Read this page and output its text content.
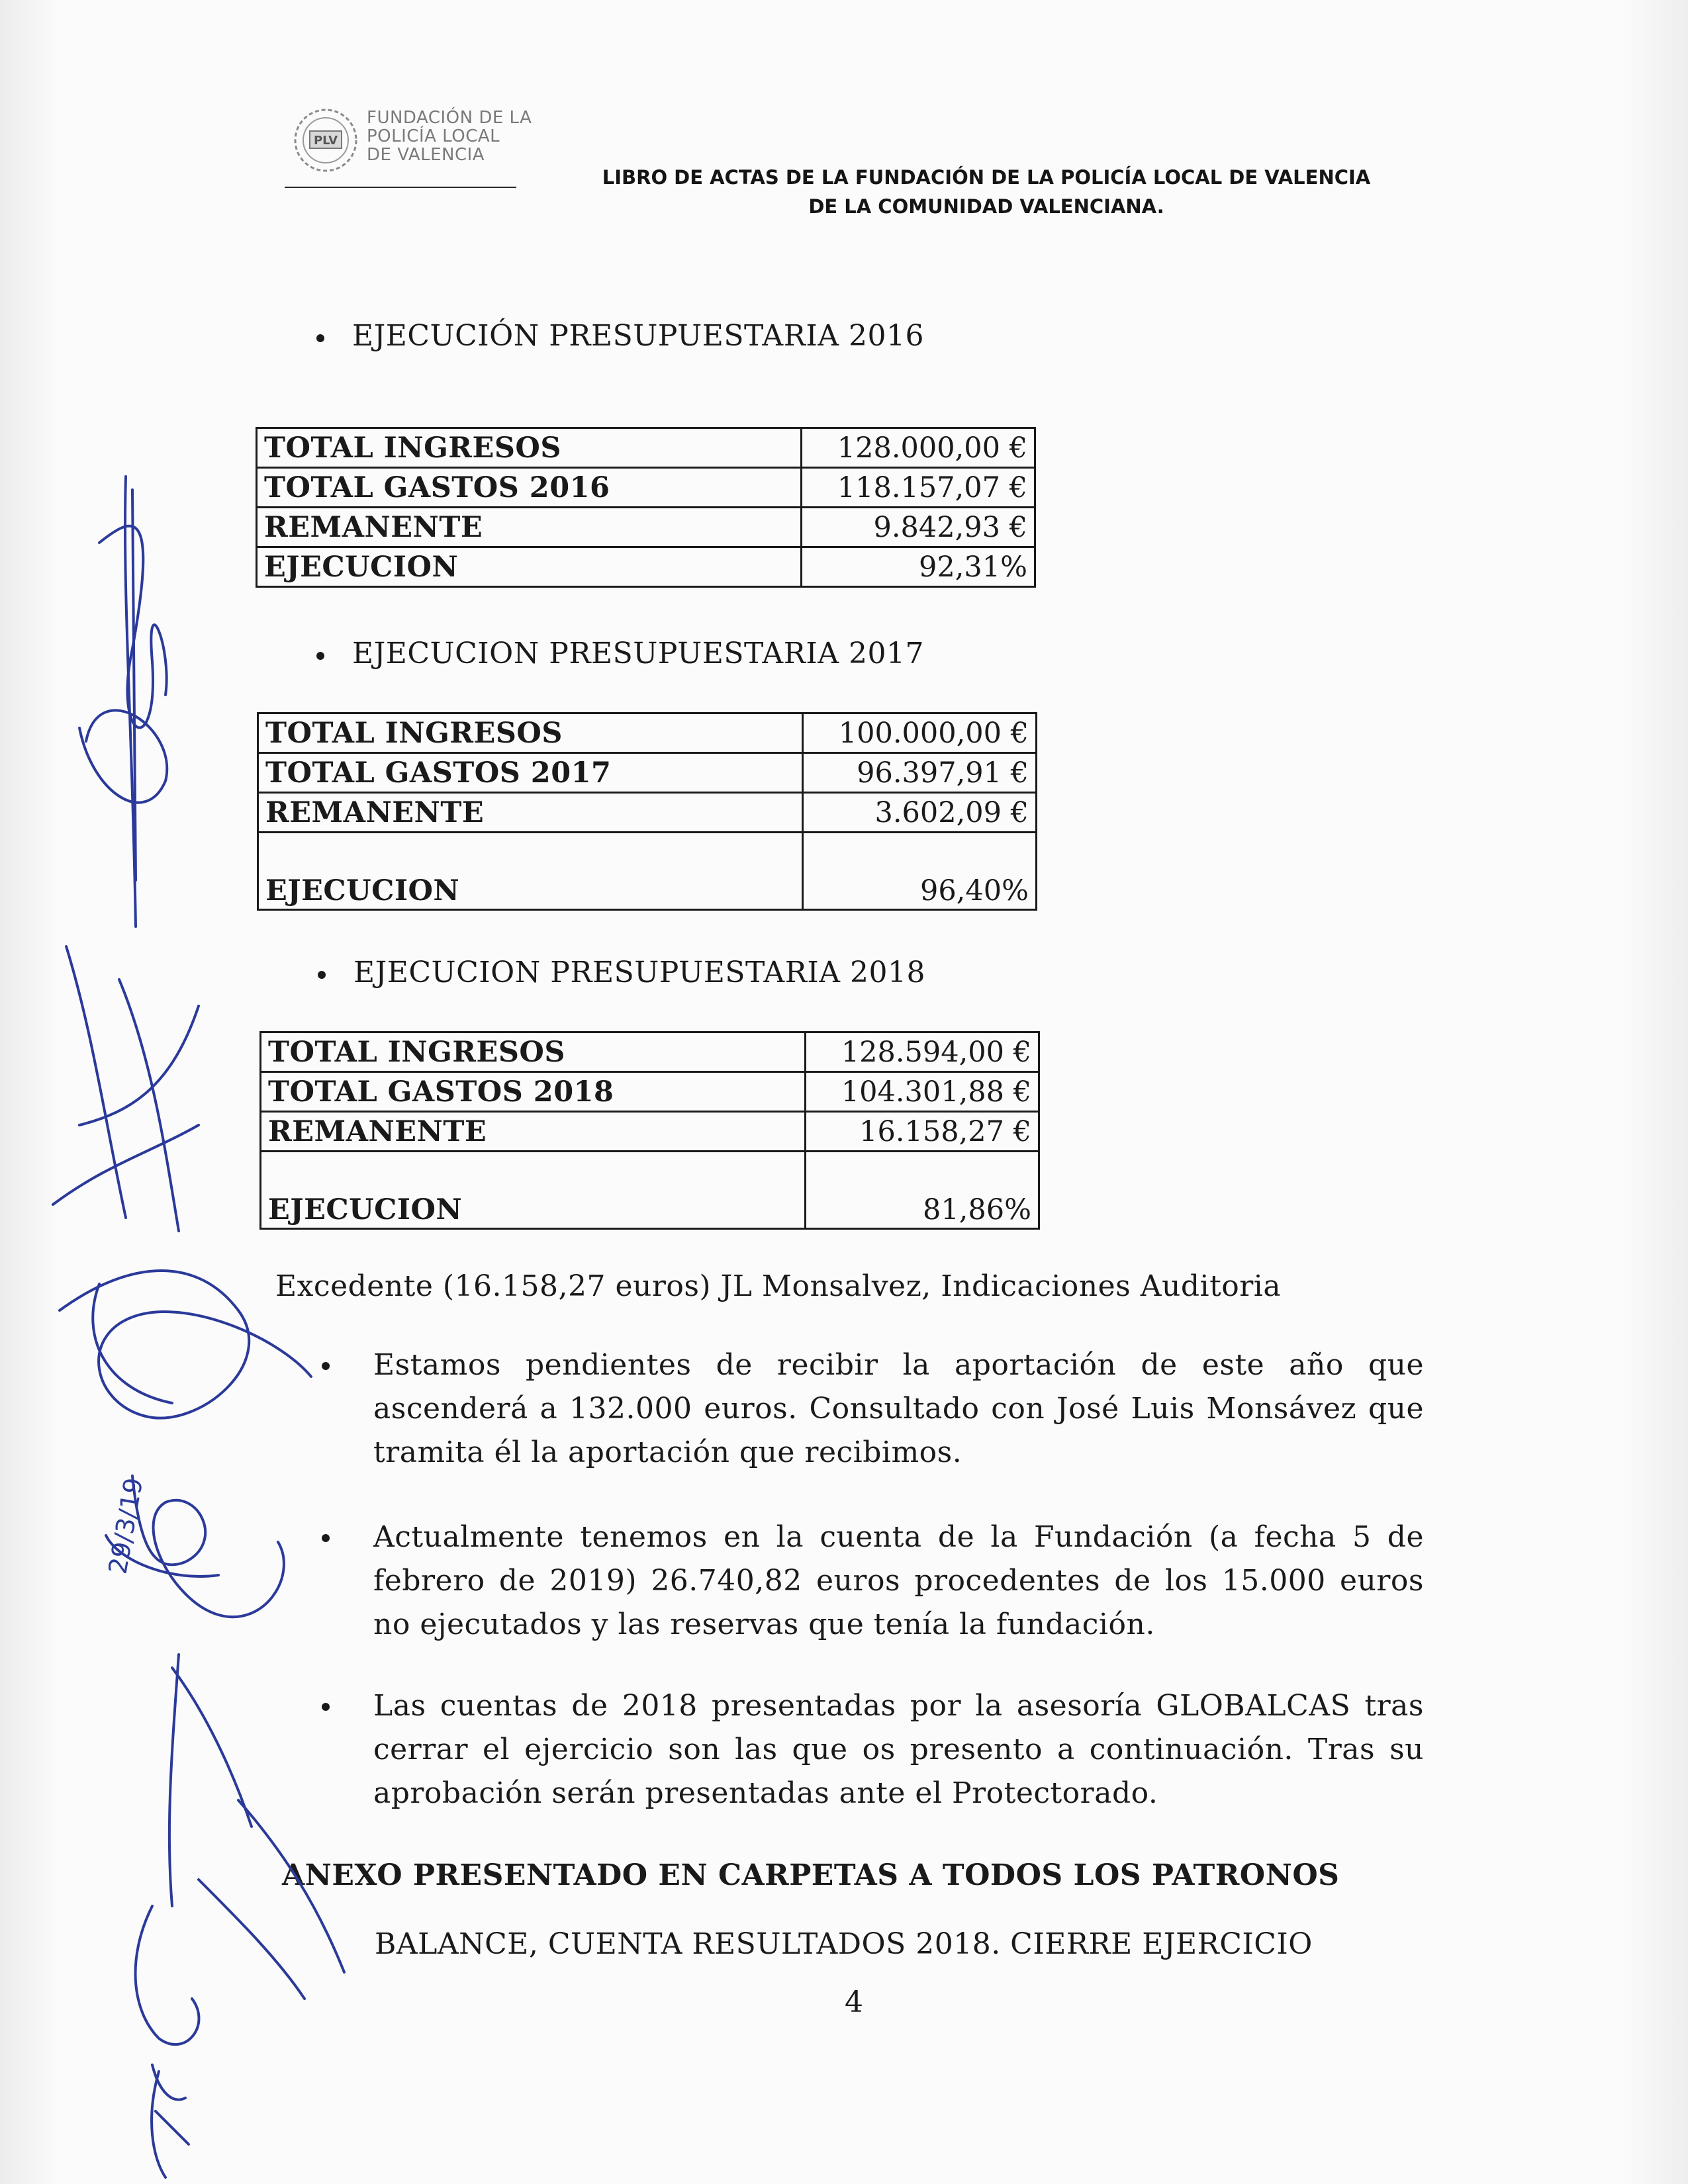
PLV
FUNDACIÓN DE LA
POLICÍA LOCAL
DE VALENCIA
LIBRO DE ACTAS DE LA FUNDACIÓN DE LA POLICÍA LOCAL DE VALENCIA
DE LA COMUNIDAD VALENCIANA.
EJECUCIÓN PRESUPUESTARIA 2016
TOTAL INGRESOS	128.000,00 €
TOTAL GASTOS 2016	118.157,07 €
REMANENTE	9.842,93 €
EJECUCION	92,31%
EJECUCION PRESUPUESTARIA 2017
TOTAL INGRESOS	100.000,00 €
TOTAL GASTOS 2017	96.397,91 €
REMANENTE	3.602,09 €
EJECUCION	96,40%
EJECUCION PRESUPUESTARIA 2018
TOTAL INGRESOS	128.594,00 €
TOTAL GASTOS 2018	104.301,88 €
REMANENTE	16.158,27 €
EJECUCION	81,86%
Excedente (16.158,27 euros) JL Monsalvez, Indicaciones Auditoria

Estamos pendientes de recibir la aportación de este año que ascenderá a 132.000 euros. Consultado con José Luis Monsávez que tramita él la aportación que recibimos.

Actualmente tenemos en la cuenta de la Fundación (a fecha 5 de febrero de 2019) 26.740,82 euros procedentes de los 15.000 euros no ejecutados y las reservas que tenía la fundación.

Las cuentas de 2018 presentadas por la asesoría GLOBALCAS tras cerrar el ejercicio son las que os presento a continuación. Tras su aprobación serán presentadas ante el Protectorado.

ANEXO PRESENTADO EN CARPETAS A TODOS LOS PATRONOS
BALANCE, CUENTA RESULTADOS 2018. CIERRE EJERCICIO
4
29/3/19
